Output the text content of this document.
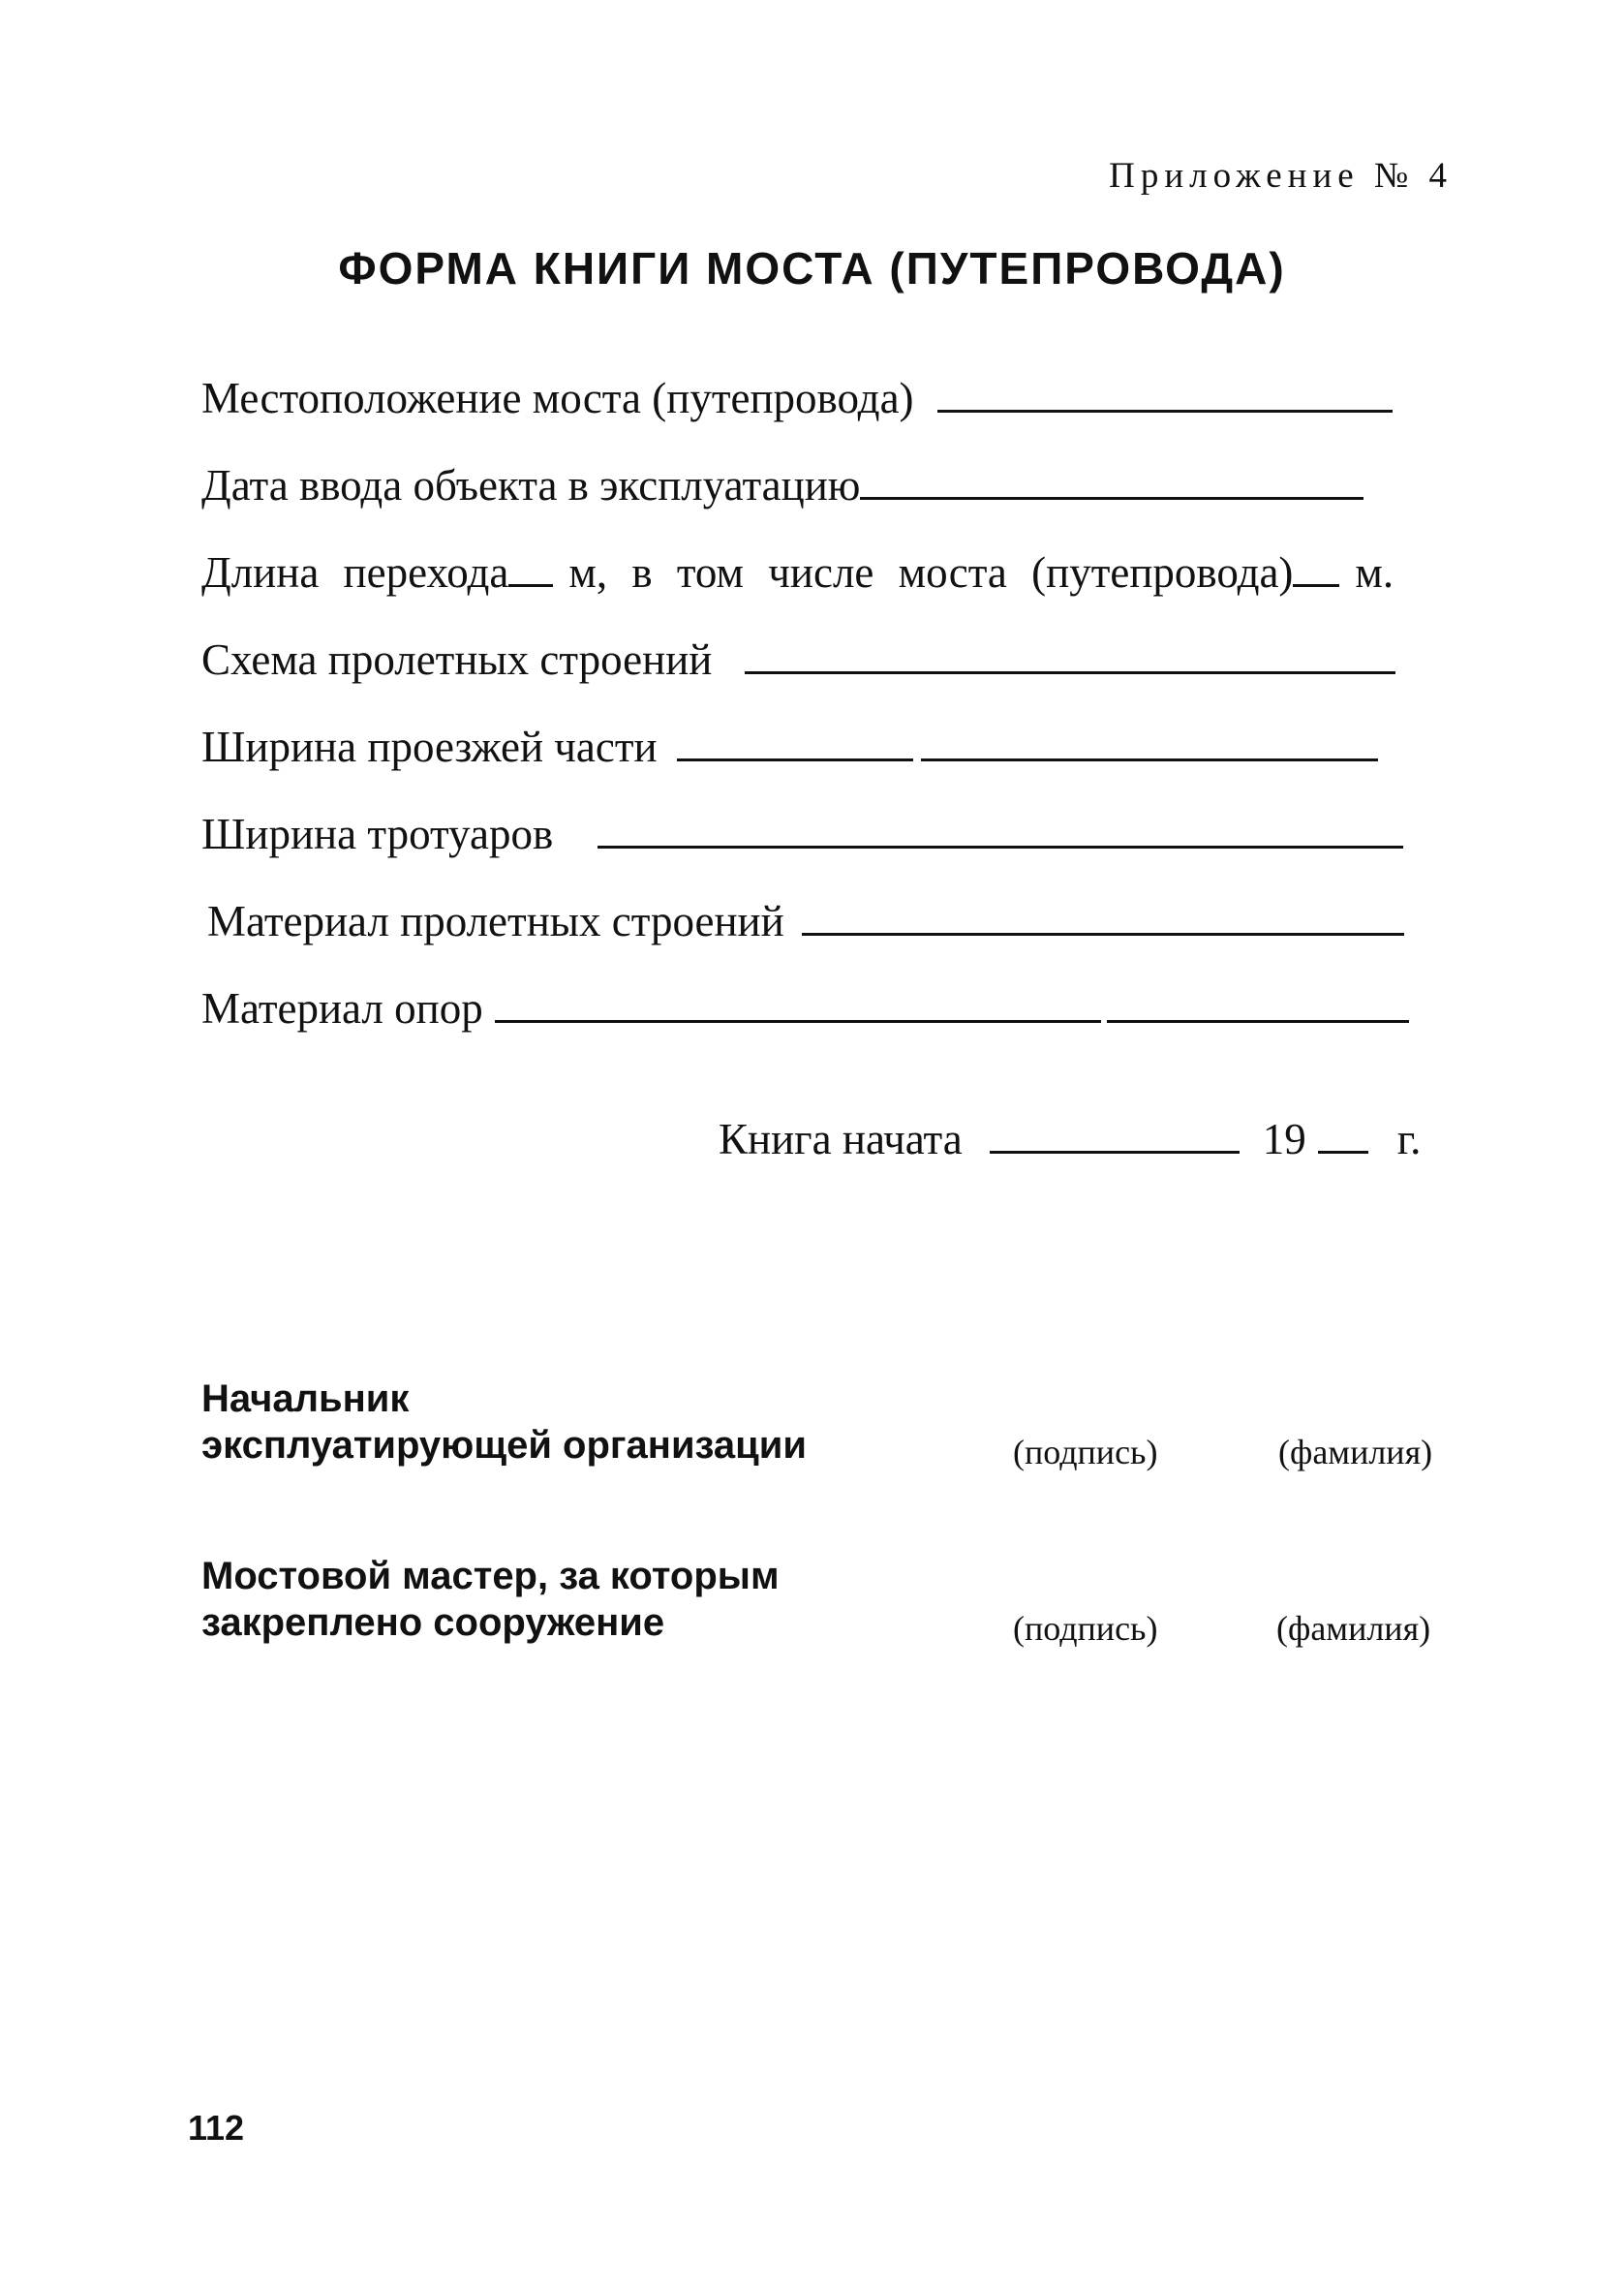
Приложение № 4
ФОРМА КНИГИ МОСТА (ПУТЕПРОВОДА)
Местоположение моста (путепровода)
Дата ввода объекта в эксплуатацию
Длина перехода м, в том числе моста (путепровода) м.
Схема пролетных строений
Ширина проезжей части
Ширина тротуаров
Материал пролетных строений
Материал опор
Книга начата	19 г.
Начальник
эксплуатирующей организации	(подпись)	(фамилия)
Мостовой мастер, за которым
закреплено сооружение	(подпись)	(фамилия)
112
